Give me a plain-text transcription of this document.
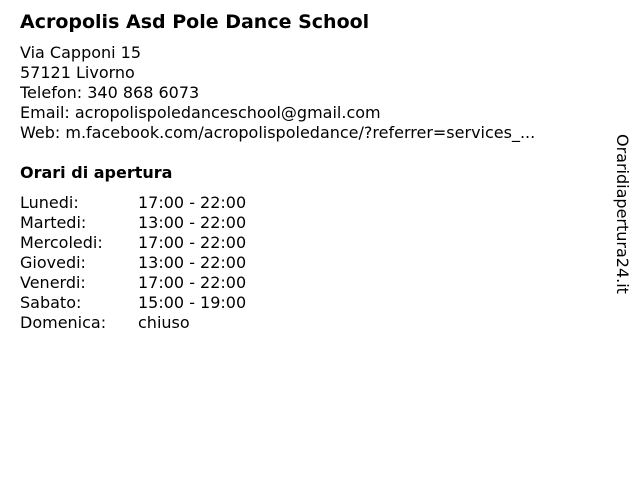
Acropolis Asd Pole Dance School
Via Capponi 15
57121 Livorno
Telefon: 340 868 6073
Email: acropolispoledanceschool@gmail.com
Web: m.facebook.com/acropolispoledance/?referrer=services_...
Orari di apertura
Lunedi:	17:00 - 22:00
Martedi:	13:00 - 22:00
Mercoledi:	17:00 - 22:00
Giovedi:	13:00 - 22:00
Venerdi:	17:00 - 22:00
Sabato:	15:00 - 19:00
Domenica:	chiuso
Oraridiapertura24.it
